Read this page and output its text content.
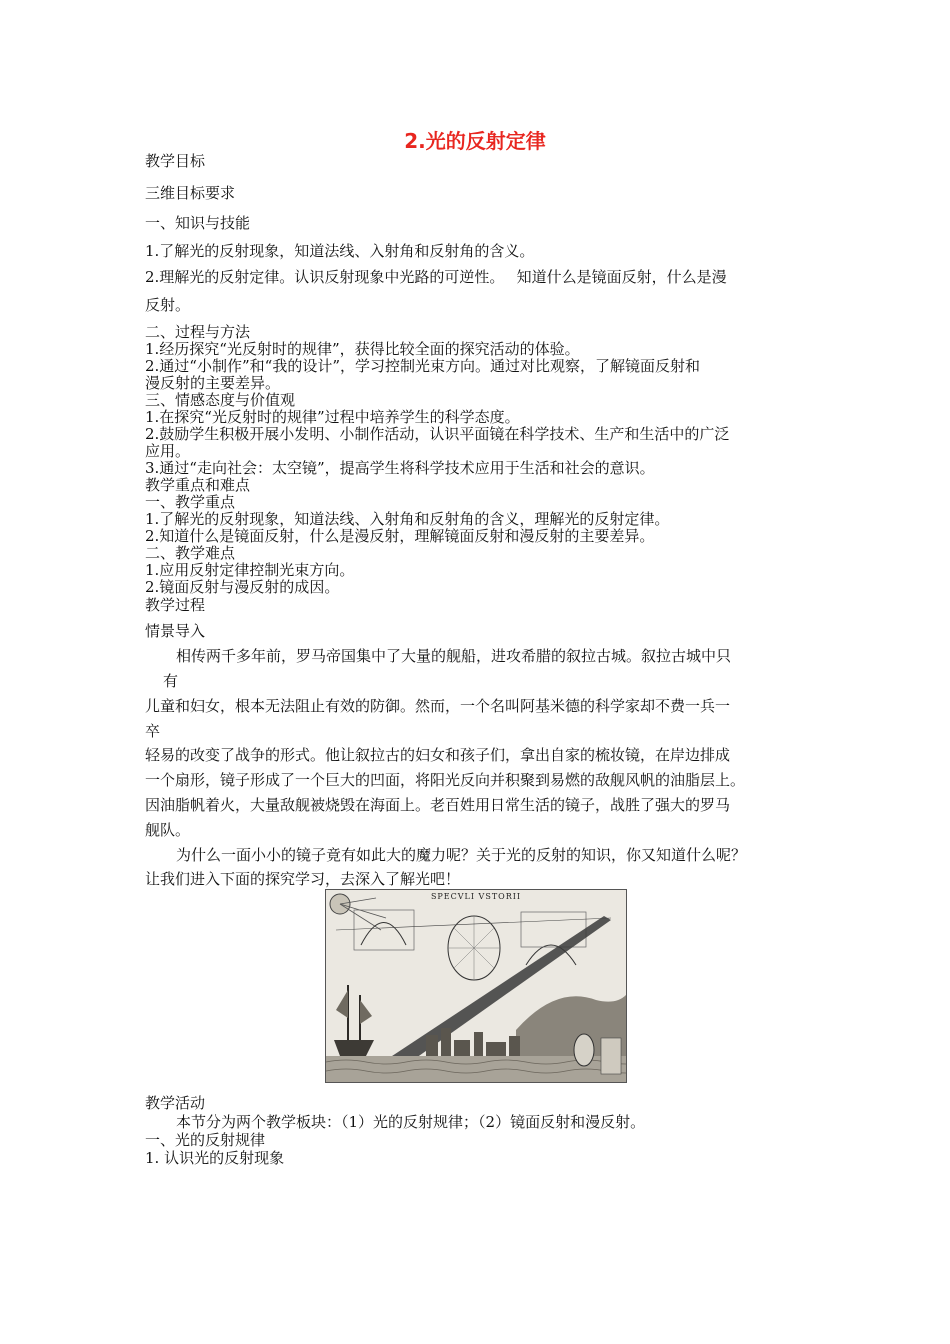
2.光的反射定律
教学目标
三维目标要求
一、知识与技能
1.了解光的反射现象，知道法线、入射角和反射角的含义。
2.理解光的反射定律。认识反射现象中光路的可逆性。　 知道什么是镜面反射，什么是漫
反射。
二、过程与方法
1.经历探究“光反射时的规律”，获得比较全面的探究活动的体验。
2.通过“小制作”和“我的设计”，学习控制光束方向。通过对比观察，了解镜面反射和
漫反射的主要差异。
三、情感态度与价值观
1.在探究“光反射时的规律”过程中培养学生的科学态度。
2.鼓励学生积极开展小发明、小制作活动，认识平面镜在科学技术、生产和生活中的广泛
应用。
3.通过“走向社会：太空镜”，提高学生将科学技术应用于生活和社会的意识。
教学重点和难点
一、教学重点
1.了解光的反射现象，知道法线、入射角和反射角的含义，理解光的反射定律。
2.知道什么是镜面反射，什么是漫反射，理解镜面反射和漫反射的主要差异。
二、教学难点
1.应用反射定律控制光束方向。
2.镜面反射与漫反射的成因。
教学过程
情景导入
相传两千多年前，罗马帝国集中了大量的舰船，进攻希腊的叙拉古城。叙拉古城中只
有
儿童和妇女，根本无法阻止有效的防御。然而，一个名叫阿基米德的科学家却不费一兵一
卒
轻易的改变了战争的形式。他让叙拉古的妇女和孩子们，拿出自家的梳妆镜，在岸边排成
一个扇形，镜子形成了一个巨大的凹面，将阳光反向并积聚到易燃的敌舰风帆的油脂层上。
因油脂帆着火，大量敌舰被烧毁在海面上。老百姓用日常生活的镜子，战胜了强大的罗马
舰队。
为什么一面小小的镜子竟有如此大的魔力呢？关于光的反射的知识，你又知道什么呢？
让我们进入下面的探究学习，去深入了解光吧！
SPECVLI VSTORII
教学活动
本节分为两个教学板块：（1）光的反射规律；（2）镜面反射和漫反射。
一、光的反射规律
1. 认识光的反射现象
